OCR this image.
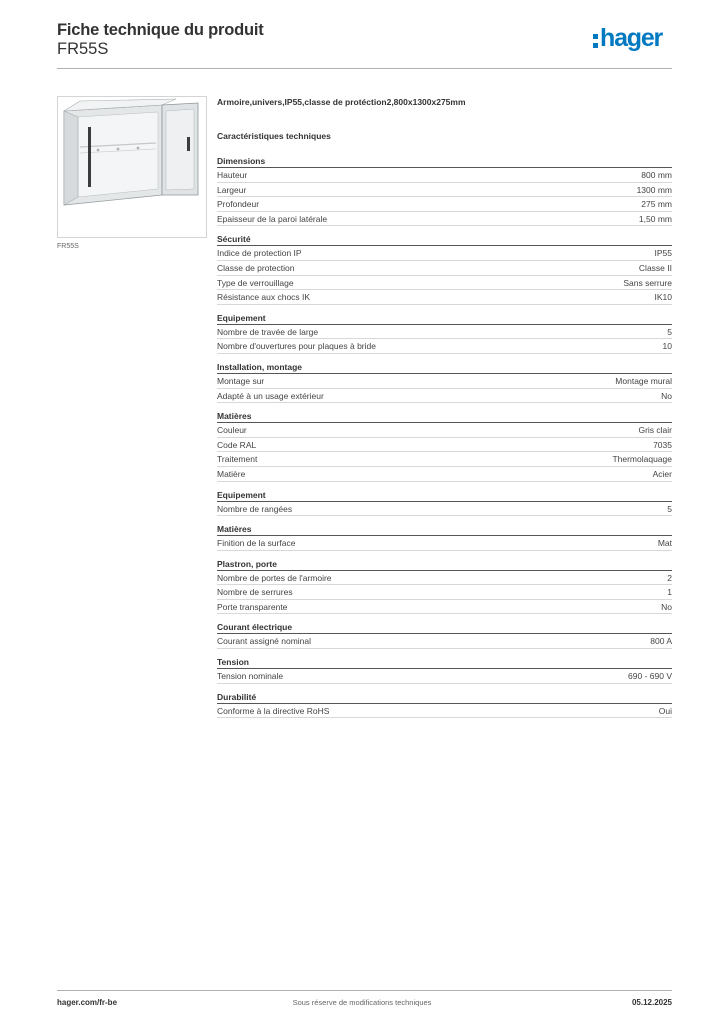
Fiche technique du produit
FR55S	hager
FR55S
Armoire,univers,IP55,classe de protéction2,800x1300x275mm
Caractéristiques techniques
Dimensions
Hauteur	800 mm
Largeur	1300 mm
Profondeur	275 mm
Epaisseur de la paroi latérale	1,50 mm
Sécurité
Indice de protection IP	IP55
Classe de protection	Classe II
Type de verrouillage	Sans serrure
Résistance aux chocs IK	IK10
Equipement
Nombre de travée de large	5
Nombre d'ouvertures pour plaques à bride	10
Installation, montage
Montage sur	Montage mural
Adapté à un usage extérieur	No
Matières
Couleur	Gris clair
Code RAL	7035
Traitement	Thermolaquage
Matière	Acier
Equipement
Nombre de rangées	5
Matières
Finition de la surface	Mat
Plastron, porte
Nombre de portes de l'armoire	2
Nombre de serrures	1
Porte transparente	No
Courant électrique
Courant assigné nominal	800 A
Tension
Tension nominale	690 - 690 V
Durabilité
Conforme à la directive RoHS	Oui
hager.com/fr-be	Sous réserve de modifications techniques	05.12.2025
